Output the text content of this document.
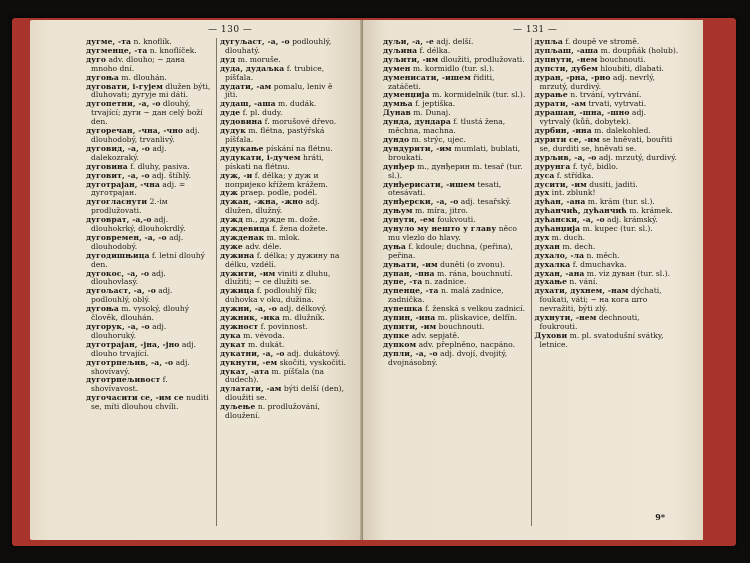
— 130 —
дугмe, -та n. knoflík.
дугменце, -та n. knoflíček.
дуго adv. dlouho; ~ дана mnoho dní.
дугоња m. dlouhán.
дуговати, і-гујем dlužen býti, dluhovati; дугујe mi dáti.
дугопетни, -а, -о dlouhý, trvající; дуги ~ дан celý boží den.
дугоречан, -чна, -чно adj. dlouhodobý, trvanlivý.
дуговид, -а, -о adj. dalekozraký.
дуговина f. dluhy, pasiva.
дуговит, -а, -о adj. štíhlý.
дуготрајан, -чна adj. = дуготрајан.
дугогласнути 2.-ім prodlužovati.
дуговрат, -а,-о adj. dlouhokrký, dlouhokrdlý.
дуговремен, -а, -о adj. dlouhodobý.
дугодишњица f. letní dlouhý den.
дугокос, -а, -о adj. dlouhovlasý.
дугољаст, -а, -о adj. podlouhlý, oblý.
дугоња m. vysoký, dlouhý člověk, dlouhán.
дугорук, -а, -о adj. dlouhoruký.
дуготрајан, -јна, -јно adj. dlouho trvající.
дуготрпељив, -а, -о adj. shovívavý.
дуготрпељивост f. shovívavost.
дугочасити се, -им се nuditi se, míti dlouhou chvíli.
дугуљаст, -а, -о podlouhlý, dlouhatý.
дуд m. moruše.
дуда, дудаљка f. trubice, píšťala.
дудати, -ам pomalu, leniv ě jíti.
дудаш, -аша m. dudák.
дуде f. pl. dudy.
дудовина f. morušové dřevo.
дудук m. flétna, pastýřská píšťala.
дудукање pískání na flétnu.
дудукати, і-дучем hráti, pískati na flétnu.
дуж, -и f. délka; у дуж и попријеко křížem krážem.
дуж praep. podle, podél.
дужан, -жна, -жно adj. dlužen, dlužný.
дужд m., дужде m. dože.
дуждевица f. žena dožete.
дужденак m. mlok.
дуже adv. déle.
дужина f. délka; у дужину na délku, vzdélí.
дужити, -им viniti z dluhu, dlužiti; ~ се dlužiti se.
дужица f. podlouhlý fík; duhovka v oku, dužina.
дужни, -а, -о adj. délkový.
дужник, -ика m. dlužník.
дужност f. povinnost.
дука m. vévoda.
дукат m. dukát.
дукатни, -а, -о adj. dukátový.
дукнути, -ем skočiti, vyskočiti.
дукат, -ата m. píšťala (na dudech).
дулатати, -ам býti delší (den), dloužiti se.
дуљење n. prodlužování, dloužení.
— 131 —
дуљи, -а, -е adj. delší.
дуљина f. délka.
дуљити, -им dloužiti, prodlužovati.
думен m. kormidlo (tur. sl.).
думенисати, -ишем řiditi, zatáčeti.
думенџија m. kormidelník (tur. sl.).
думња f. jeptiška.
Дунав m. Dunaj.
дунда, дундара f. tlustá žena, měchna, machna.
дундо m. strýc, ujec.
дундурити, -им mumlati, bublati, broukati.
дунђер m., дунђерин m. tesař (tur. sl.).
дунђерисати, -ишем tesati, otesávati.
дунђерски, -а, -о adj. tesařský.
дуњум m. míra, jitro.
дунути, -ем foukvouti.
дунуло му нешто у главу něco mu vlezlo do hlavy.
дуња f. kdoule; duchna, (peřina), peřina.
дуњати, -им duněti (o zvonu).
дупан, -пна m. rána, bouchnutí.
дупе, -та n. zadnice.
дупенце, -та n. malá zadnice, zadnička.
дупешка f. ženská s velkou zadnicí.
дупин, -ина m. pliskavice, delfín.
дупити, -им bouchnouti.
дупке adv. sepjatě.
дупком adv. přeplněno, nacpáno.
дупли, -а, -о adj. dvojí, dvojitý, dvojnásobný.
дупља f. doupě ve stromě.
дупљаш, -аша m. doupňák (holub).
дупнути, -нем bouchnouti.
дупсти, дубем hloubiti, dlabati.
дуран, -рна, -рно adj. nevrlý, mrzutý, durdivý.
дурање n. trvání, vytrvání.
дурати, -ам trvati, vytrvati.
дурашан, -шна, -шно adj. vytrvalý (kůň, dobytek).
дурбин, -ина m. dalekohled.
дурити се, -им se hněvati, bouřiti se, durditi se, hněvati se.
дурљив, -а, -о adj. mrzutý, durdivý.
дурунга f. tyč, bidlo.
дуса f. střídka.
дусити, -им dusiti, jaditi.
дух int. zblunk!
дућан, -ана m. krám (tur. sl.).
дућанчић, дућанчић m. krámek.
дућански, -а, -о adj. krámský.
дућанџија m. kupec (tur. sl.).
дух m. duch.
духан m. dech.
духало, -ла n. měch.
духалка f. dmuchavka.
духан, -ана m. viz дуван (tur. sl.).
духање n. vání.
духати, духнем, -нам dýchati, foukati, váti; ~ на кога што nevražiti, býti zlý.
духнути, -нем dechnouti, foukrouti.
Духови m. pl. svatodušní svátky, letnice.
9*
